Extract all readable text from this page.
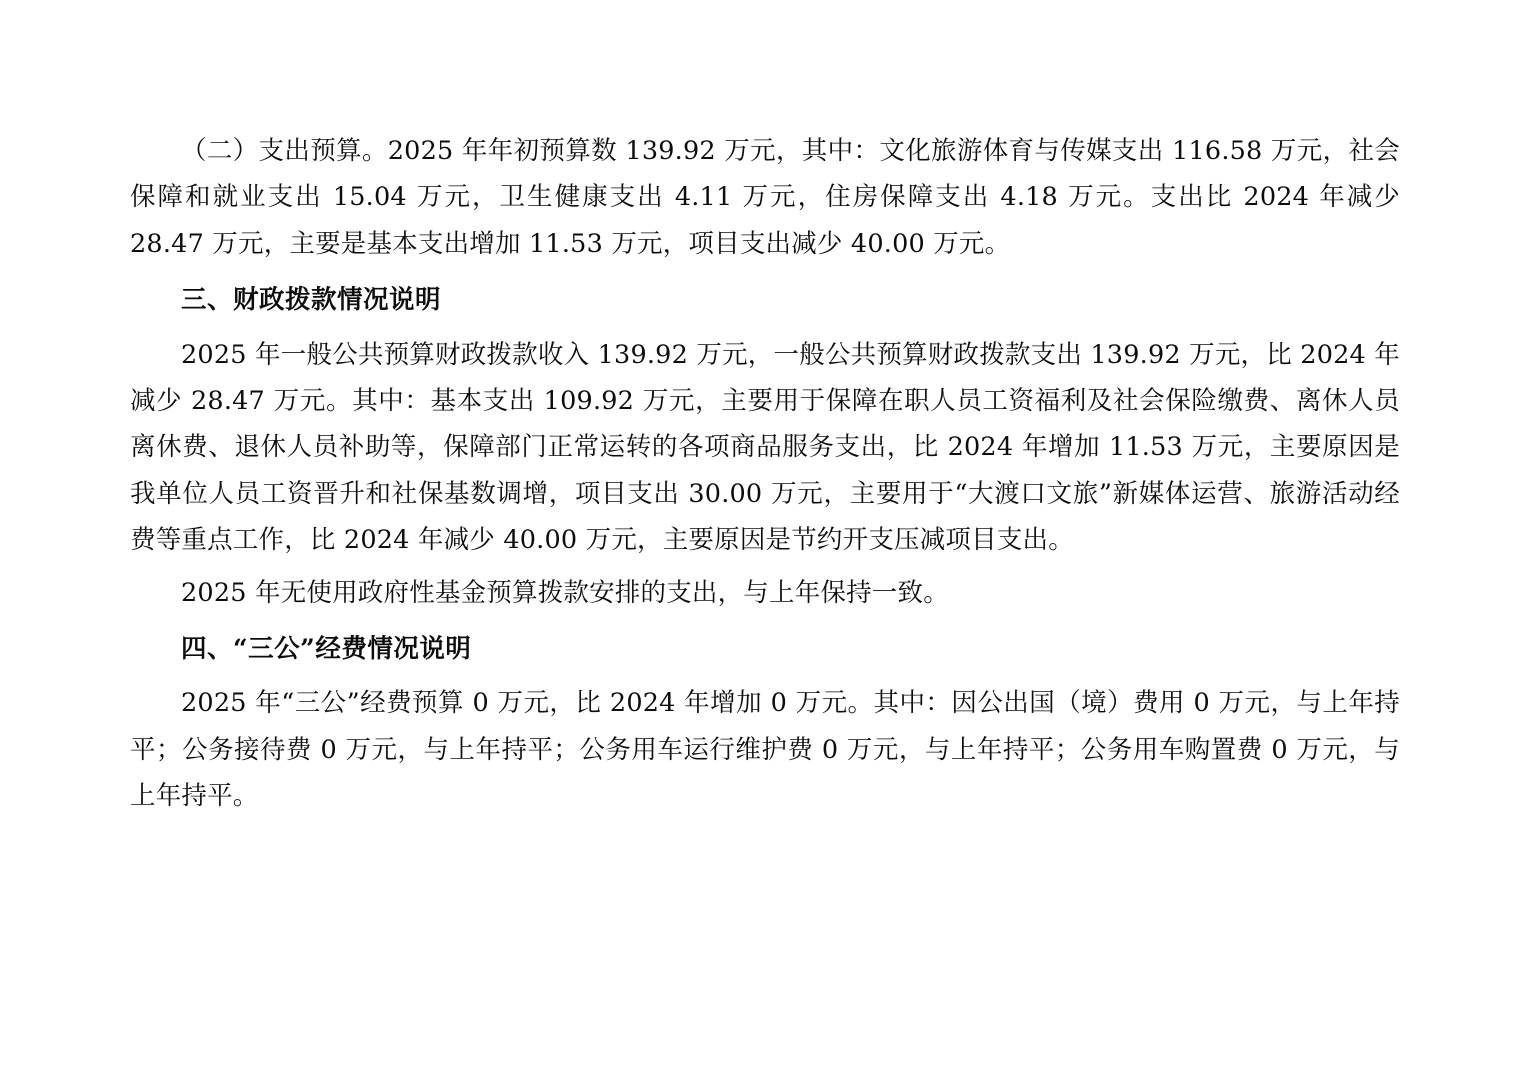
（二）支出预算。2025 年年初预算数 139.92 万元，其中：文化旅游体育与传媒支出 116.58 万元，社会保障和就业支出 15.04 万元，卫生健康支出 4.11 万元，住房保障支出 4.18 万元。支出比 2024 年减少 28.47 万元，主要是基本支出增加 11.53 万元，项目支出减少 40.00 万元。

三、财政拨款情况说明

2025 年一般公共预算财政拨款收入 139.92 万元，一般公共预算财政拨款支出 139.92 万元，比 2024 年减少 28.47 万元。其中：基本支出 109.92 万元，主要用于保障在职人员工资福利及社会保险缴费、离休人员离休费、退休人员补助等，保障部门正常运转的各项商品服务支出，比 2024 年增加 11.53 万元，主要原因是我单位人员工资晋升和社保基数调增，项目支出 30.00 万元，主要用于“大渡口文旅”新媒体运营、旅游活动经费等重点工作，比 2024 年减少 40.00 万元，主要原因是节约开支压减项目支出。

2025 年无使用政府性基金预算拨款安排的支出，与上年保持一致。

四、“三公”经费情况说明

2025 年“三公”经费预算 0 万元，比 2024 年增加 0 万元。其中：因公出国（境）费用 0 万元，与上年持平；公务接待费 0 万元，与上年持平；公务用车运行维护费 0 万元，与上年持平；公务用车购置费 0 万元，与上年持平。
